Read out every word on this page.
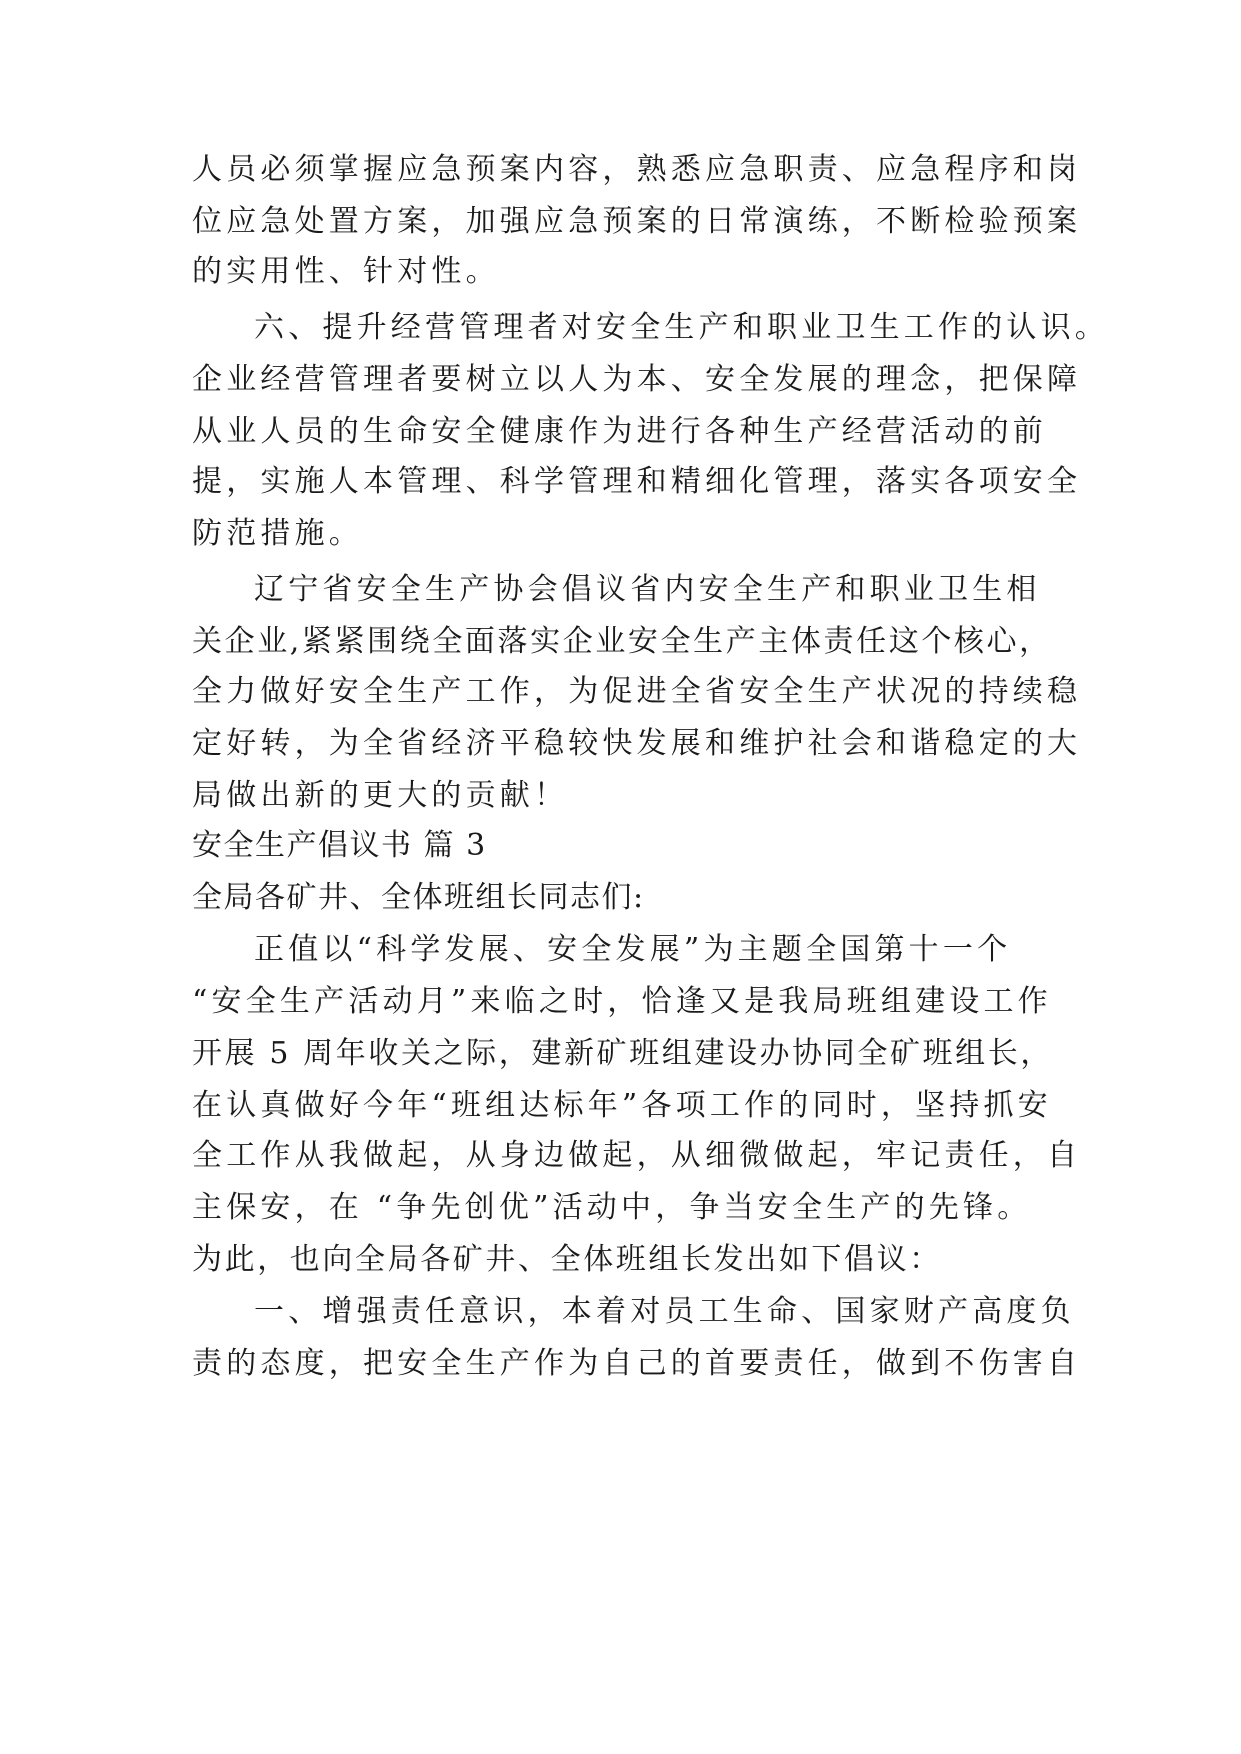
人员必须掌握应急预案内容，熟悉应急职责、应急程序和岗
位应急处置方案，加强应急预案的日常演练，不断检验预案
的实用性、针对性。
六、提升经营管理者对安全生产和职业卫生工作的认识。
企业经营管理者要树立以人为本、安全发展的理念，把保障
从业人员的生命安全健康作为进行各种生产经营活动的前
提，实施人本管理、科学管理和精细化管理，落实各项安全
防范措施。
辽宁省安全生产协会倡议省内安全生产和职业卫生相
关企业,紧紧围绕全面落实企业安全生产主体责任这个核心，
全力做好安全生产工作，为促进全省安全生产状况的持续稳
定好转，为全省经济平稳较快发展和维护社会和谐稳定的大
局做出新的更大的贡献！
安全生产倡议书 篇 3
全局各矿井、全体班组长同志们:
正值以“科学发展、安全发展”为主题全国第十一个
“安全生产活动月”来临之时，恰逢又是我局班组建设工作
开展 5 周年收关之际，建新矿班组建设办协同全矿班组长，
在认真做好今年“班组达标年”各项工作的同时，坚持抓安
全工作从我做起，从身边做起，从细微做起，牢记责任，自
主保安，在 “争先创优”活动中，争当安全生产的先锋。
为此，也向全局各矿井、全体班组长发出如下倡议：
一、增强责任意识，本着对员工生命、国家财产高度负
责的态度，把安全生产作为自己的首要责任，做到不伤害自
